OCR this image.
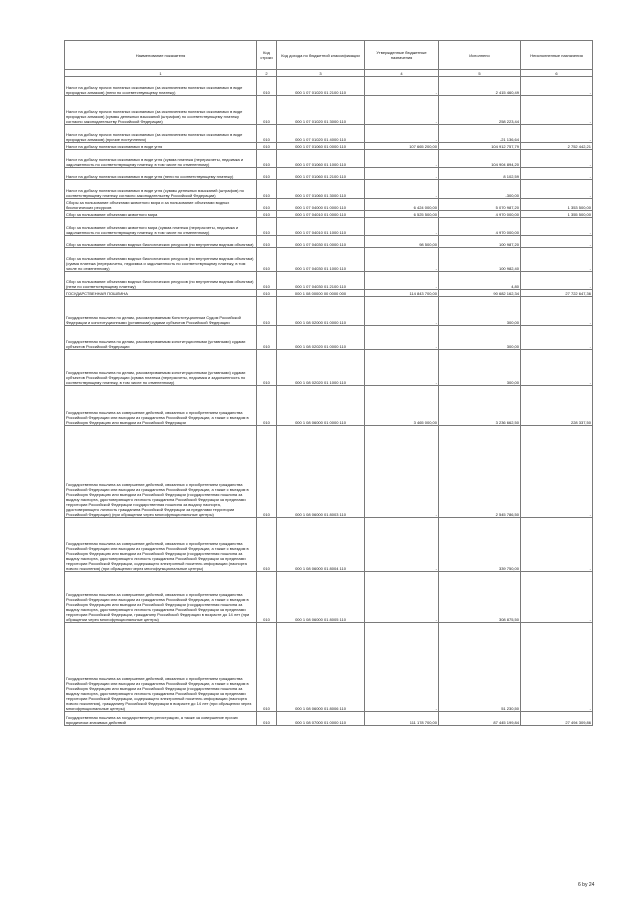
Наименование показателя	Код строки	Код дохода по бюджетной классификации	Утвержденные бюджетные назначения	Исполнено	Неисполненные назначения
1	2	3	4	5	6
Налог на добычу прочих полезных ископаемых (за исключением полезных ископаемых в виде природных алмазов) (пени по соответствующему платежу)	010	000 1 07 01020 01 2100 110	-	2 415 460,49	-
Налог на добычу прочих полезных ископаемых (за исключением полезных ископаемых в виде природных алмазов) (суммы денежных взысканий (штрафов) по соответствующему платежу согласно законодательству Российской Федерации)	010	000 1 07 01020 01 3000 110	-	258 223,44	-
Налог на добычу прочих полезных ископаемых (за исключением полезных ископаемых в виде природных алмазов) (прочие поступления)	010	000 1 07 01020 01 4000 110	-	-21 136,64	-
Налог на добычу полезных ископаемых в виде угля	010	000 1 07 01060 01 0000 110	107 665 200,00	104 912 757,79	2 752 442,21
Налог на добычу полезных ископаемых в виде угля (сумма платежа (перерасчеты, недоимка и задолженность по соответствующему платежу, в том числе по отмененному)	010	000 1 07 01060 01 1000 110	-	104 904 894,20	-
Налог на добычу полезных ископаемых в виде угля (пени по соответствующему платежу)	010	000 1 07 01060 01 2100 110	-	8 102,59	-
Налог на добычу полезных ископаемых в виде угля (суммы денежных взысканий (штрафов) по соответствующему платежу согласно законодательству Российской Федерации)	010	000 1 07 01060 01 3000 110	-	-300,00	-
Сборы за пользование объектами животного мира и за пользование объектами водных биологических ресурсов	010	000 1 07 04000 01 0000 110	6 424 000,00	5 070 987,20	1 353 500,00
Сбор за пользование объектами животного мира	010	000 1 07 04010 01 0000 110	6 525 500,00	4 970 000,00	1 355 500,00
Сбор за пользование объектами животного мира (сумма платежа (перерасчеты, недоимка и задолженность по соответствующему платежу, в том числе по отмененному)	010	000 1 07 04010 01 1000 110	-	4 970 000,00	-
Сбор за пользование объектами водных биологических ресурсов (по внутренним водным объектам)	010	000 1 07 04030 01 0000 110	98 500,00	100 987,20	-
Сбор за пользование объектами водных биологических ресурсов (по внутренним водным объектам) (сумма платежа (перерасчеты, недоимка и задолженность по соответствующему платежу, в том числе по отмененному)	010	000 1 07 04030 01 1000 110	-	100 982,40	-
Сбор за пользование объектами водных биологических ресурсов (по внутренним водным объектам) (пени по соответствующему платежу)	010	000 1 07 04030 01 2100 110	-	4,80	-
ГОСУДАРСТВЕННАЯ ПОШЛИНА	010	000 1 08 00000 00 0000 000	114 843 700,00	90 682 162,34	27 722 647,36
Государственная пошлина по делам, рассматриваемым Конституционным Судом Российской Федерации и конституционными (уставными) судами субъектов Российской Федерации	010	000 1 08 02000 01 0000 110	-	300,00	-
Государственная пошлина по делам, рассматриваемым конституционными (уставными) судами субъектов Российской Федерации	010	000 1 08 02020 01 0000 110	-	300,00	-
Государственная пошлина по делам, рассматриваемым конституционными (уставными) судами субъектов Российской Федерации (сумма платежа (перерасчеты, недоимка и задолженность по соответствующему платежу, в том числе по отмененному)	010	000 1 08 02020 01 1000 110	-	300,00	-
Государственная пошлина за совершение действий, связанных с приобретением гражданства Российской Федерации или выходом из гражданства Российской Федерации, а также с въездом в Российскую Федерацию или выездом из Российской Федерации	010	000 1 08 06000 01 0000 110	3 465 000,00	3 236 662,50	228 337,50
Государственная пошлина за совершение действий, связанных с приобретением гражданства Российской Федерации или выходом из гражданства Российской Федерации, а также с въездом в Российскую Федерацию или выездом из Российской Федерации (государственная пошлина за выдачу паспорта, удостоверяющего личность гражданина Российской Федерации за пределами территории Российской Федерации государственная пошлина за выдачу паспорта, удостоверяющего личность гражданина Российской Федерации за пределами территории Российской Федерации) (при обращении через многофункциональные центры)	010	000 1 08 06000 01 8003 110	-	2 545 786,50	-
Государственная пошлина за совершение действий, связанных с приобретением гражданства Российской Федерации или выходом из гражданства Российской Федерации, а также с въездом в Российскую Федерацию или выездом из Российской Федерации (государственная пошлина за выдачу паспорта, удостоверяющего личность гражданина Российской Федерации за пределами территории Российской Федерации, содержащего электронный носитель информации (паспорта нового поколения) (при обращении через многофункциональные центры)	010	000 1 08 06000 01 8004 110	-	339 750,00	-
Государственная пошлина за совершение действий, связанных с приобретением гражданства Российской Федерации или выходом из гражданства Российской Федерации, а также с въездом в Российскую Федерацию или выездом из Российской Федерации (государственная пошлина за выдачу паспорта, удостоверяющего личность гражданина Российской Федерации за пределами территории Российской Федерации, гражданину Российской Федерации в возрасте до 14 лет (при обращении через многофункциональные центры)	010	000 1 08 06000 01 8005 110	-	308 875,50	-
Государственная пошлина за совершение действий, связанных с приобретением гражданства Российской Федерации или выходом из гражданства Российской Федерации, а также с въездом в Российскую Федерацию или выездом из Российской Федерации (государственная пошлина за выдачу паспорта, удостоверяющего личность гражданина Российской Федерации за пределами территории Российской Федерации, содержащего электронный носитель информации (паспорта нового поколения), гражданину Российской Федерации в возрасте до 14 лет (при обращении через многофункциональные центры)	010	000 1 08 06000 01 8006 110	-	51 230,50	-
Государственная пошлина за государственную регистрацию, а также за совершение прочих юридически значимых действий	010	000 1 08 07000 01 0000 110	111 178 700,00	87 445 199,84	27 494 309,86
6 by 24
